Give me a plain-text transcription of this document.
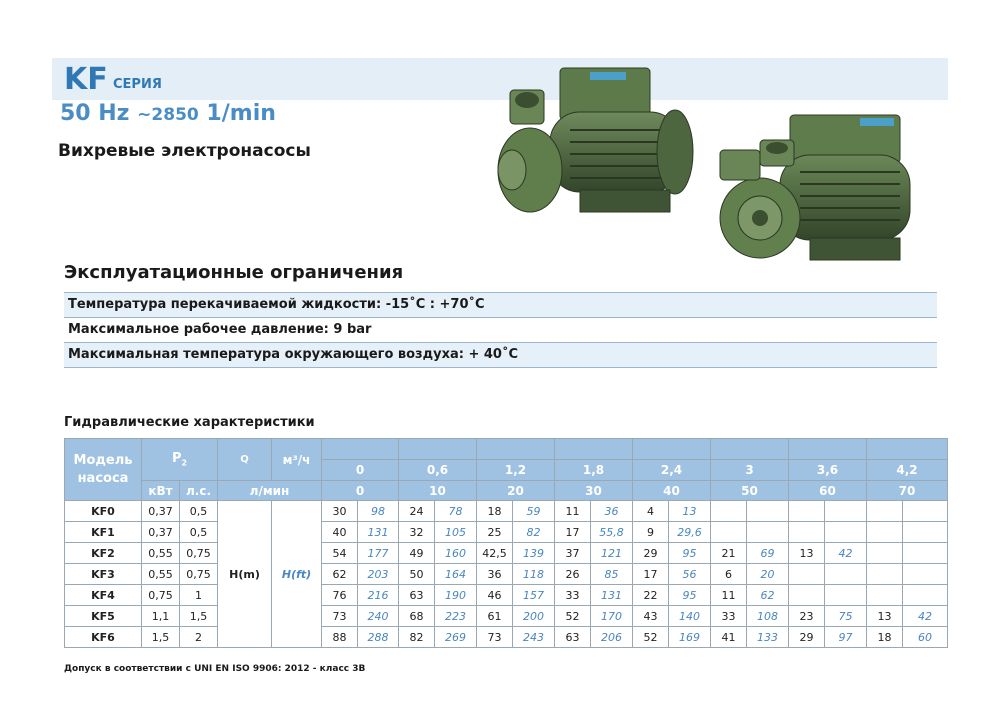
KF СЕРИЯ
50 Hz ~2850 1/min
Вихревые электронасосы
Эксплуатационные ограничения
Температура перекачиваемой жидкости: -15˚C : +70˚C
Максимальное рабочее давление: 9 bar
Максимальная температура окружающего воздуха: + 40˚C
Гидравлические характеристики
Модель насоса	$P_2$		Q	м³/ч																
					0		0,6		1,2		1,8		2,4		3		3,6		4,2	
	кВт	л.с.	л/мин		0		10		20		30		40		50		60		70	
KF0	0,37	0,5	H(m)	H(ft)	30	98	24	78	18	59	11	36	4	13						
KF1	0,37	0,5			40	131	32	105	25	82	17	55,8	9	29,6						
KF2	0,55	0,75			54	177	49	160	42,5	139	37	121	29	95	21	69	13	42		
KF3	0,55	0,75			62	203	50	164	36	118	26	85	17	56	6	20				
KF4	0,75	1			76	216	63	190	46	157	33	131	22	95	11	62				
KF5	1,1	1,5			73	240	68	223	61	200	52	170	43	140	33	108	23	75	13	42
KF6	1,5	2			88	288	82	269	73	243	63	206	52	169	41	133	29	97	18	60
Допуск в соответствии с UNI EN ISO 9906: 2012 - класс 3B
